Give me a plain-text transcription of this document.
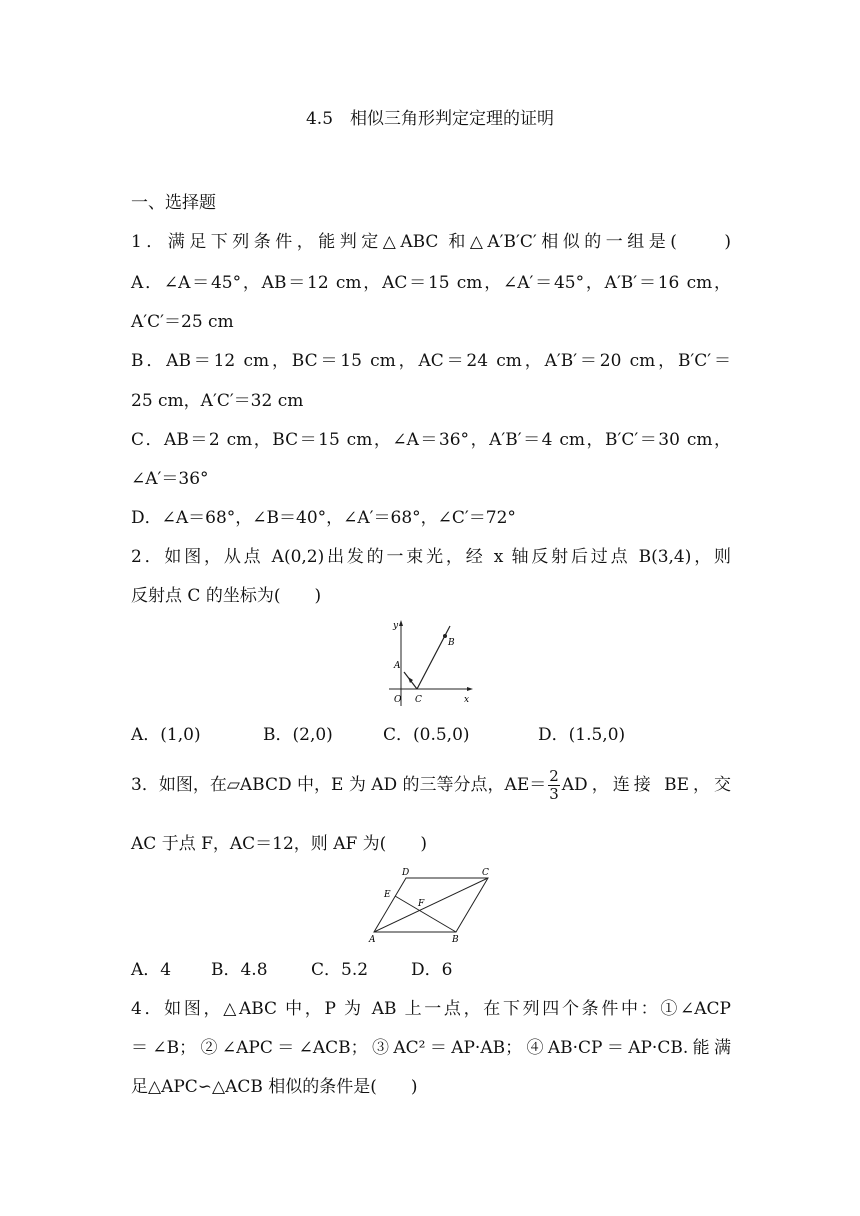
4.5　相似三角形判定定理的证明
一、选择题
1．满足下列条件，能判定△ABC 和△A′B′C′相似的一组是(　　)
A．∠A＝45°，AB＝12 cm，AC＝15 cm，∠A′＝45°，A′B′＝16 cm，
A′C′＝25 cm
B．AB＝12 cm，BC＝15 cm，AC＝24 cm，A′B′＝20 cm，B′C′＝
25 cm，A′C′＝32 cm
C．AB＝2 cm，BC＝15 cm，∠A＝36°，A′B′＝4 cm，B′C′＝30 cm，
∠A′＝36°
D．∠A＝68°，∠B＝40°，∠A′＝68°，∠C′＝72°
2．如图，从点 A(0,2)出发的一束光，经 x 轴反射后过点 B(3,4)，则
反射点 C 的坐标为(　　)
y
x
O
A
B
C
A．(1,0)	B．(2,0)	C．(0.5,0)	D．(1.5,0)
3．如图，在▱ABCD 中，E 为 AD 的三等分点，$AE= \frac{2}{3}$ AD，连接 BE，交
AC 于点 F，AC＝12，则 AF 为(　　)
D	C
E
F
A	B
A．4 B．4.8	C．5.2	D．6
4．如图，△ABC 中，P 为 AB 上一点，在下列四个条件中：①∠ACP
＝∠B；②∠APC＝∠ACB；③AC²＝AP·AB；④AB·CP＝AP·CB.能满
足△APC∽△ACB 相似的条件是(　　)
